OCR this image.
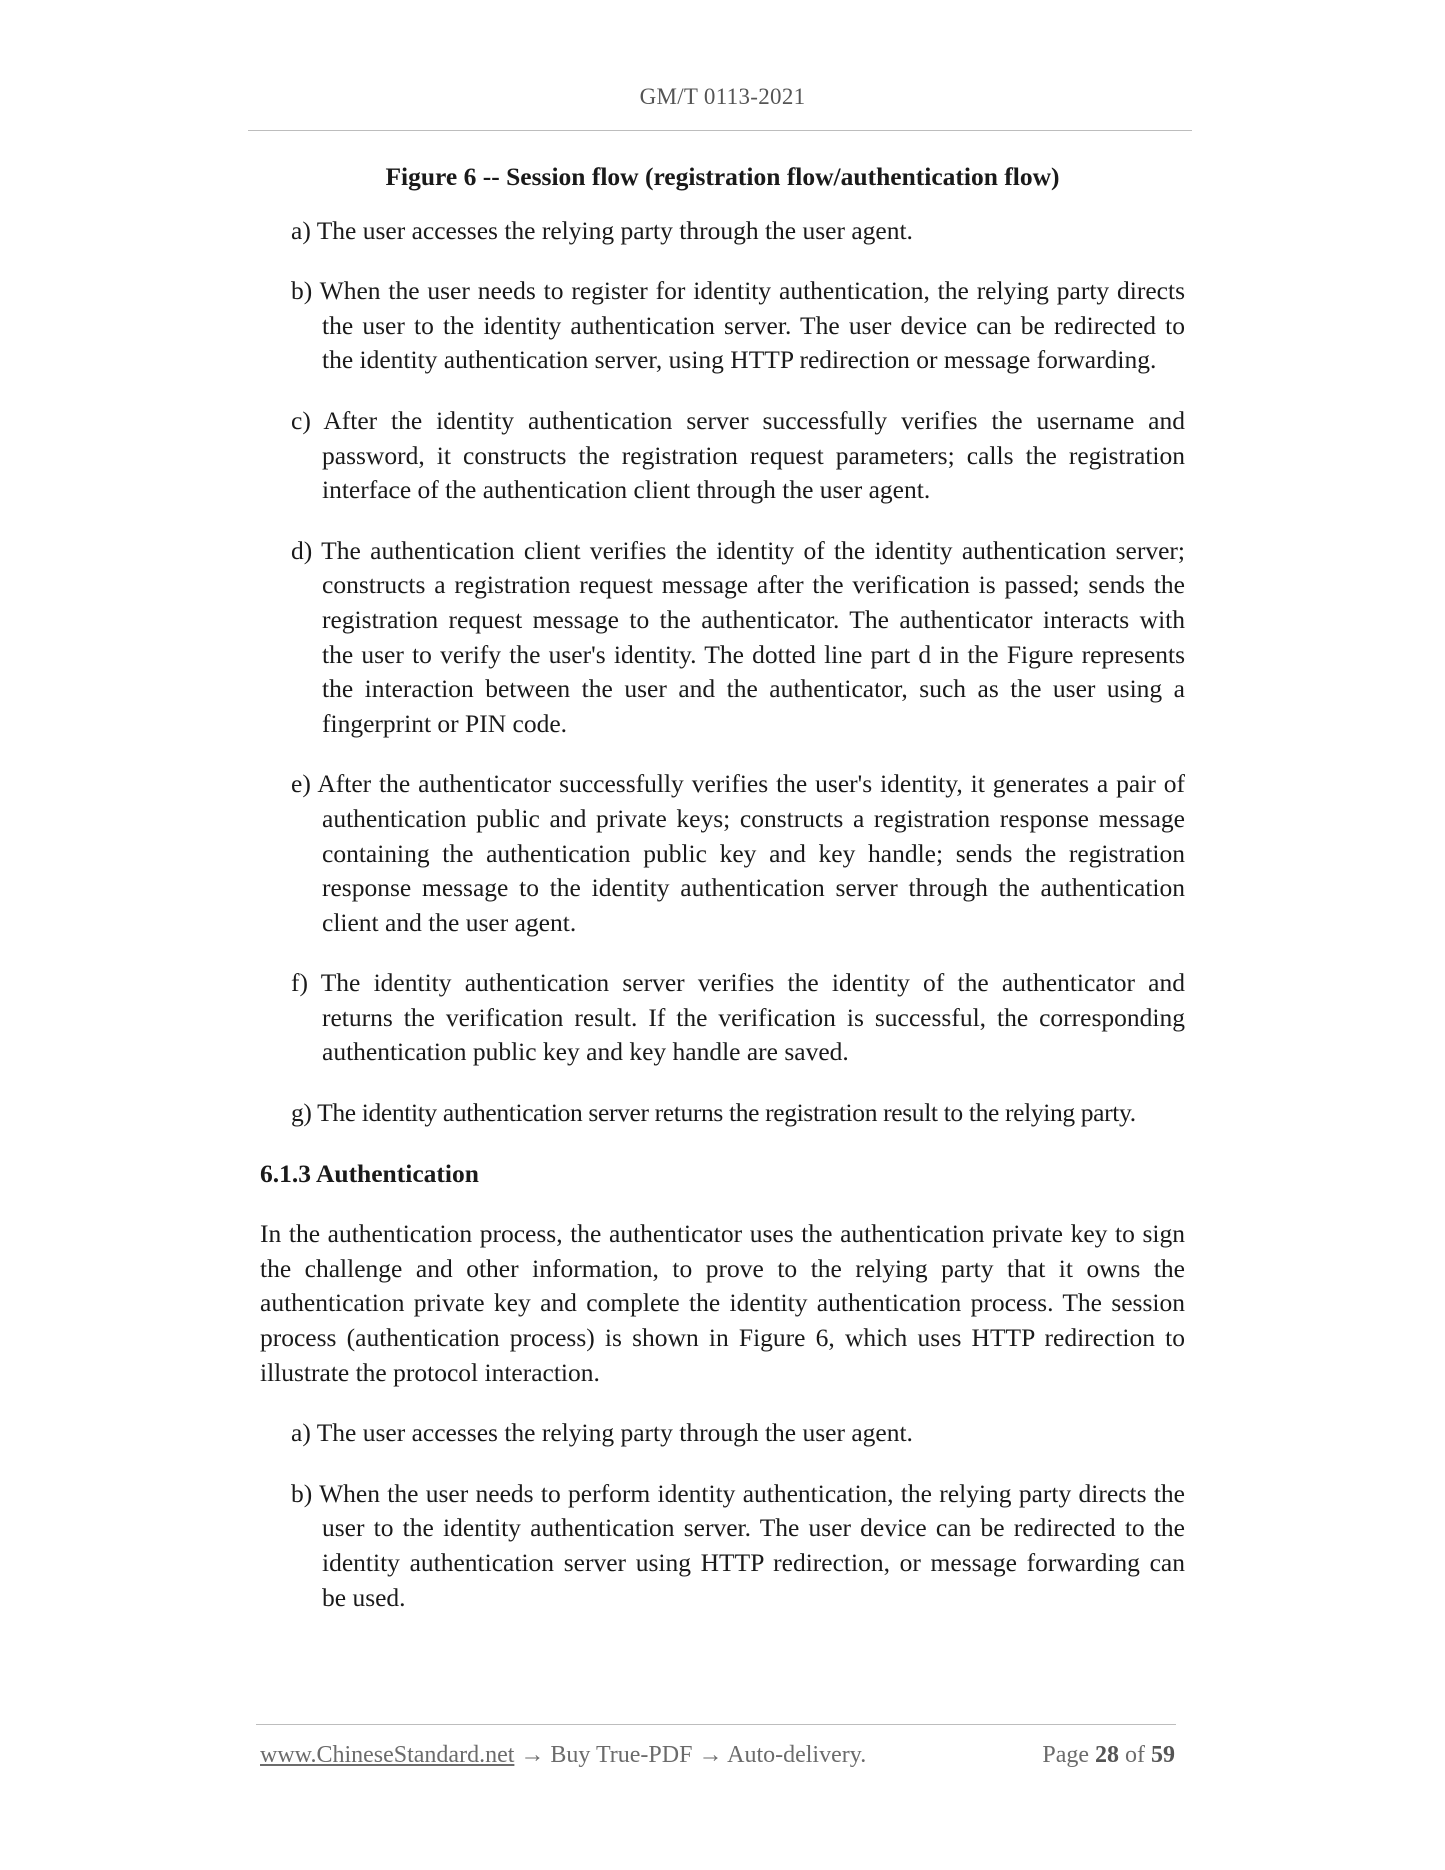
GM/T 0113-2021
Figure 6 -- Session flow (registration flow/authentication flow)
a) The user accesses the relying party through the user agent.
b) When the user needs to register for identity authentication, the relying party directs the user to the identity authentication server. The user device can be redirected to the identity authentication server, using HTTP redirection or message forwarding.
c) After the identity authentication server successfully verifies the username and password, it constructs the registration request parameters; calls the registration interface of the authentication client through the user agent.
d) The authentication client verifies the identity of the identity authentication server; constructs a registration request message after the verification is passed; sends the registration request message to the authenticator. The authenticator interacts with the user to verify the user's identity. The dotted line part d in the Figure represents the interaction between the user and the authenticator, such as the user using a fingerprint or PIN code.
e) After the authenticator successfully verifies the user's identity, it generates a pair of authentication public and private keys; constructs a registration response message containing the authentication public key and key handle; sends the registration response message to the identity authentication server through the authentication client and the user agent.
f) The identity authentication server verifies the identity of the authenticator and returns the verification result. If the verification is successful, the corresponding authentication public key and key handle are saved.
g) The identity authentication server returns the registration result to the relying party.
6.1.3 Authentication
In the authentication process, the authenticator uses the authentication private key to sign the challenge and other information, to prove to the relying party that it owns the authentication private key and complete the identity authentication process. The session process (authentication process) is shown in Figure 6, which uses HTTP redirection to illustrate the protocol interaction.
a) The user accesses the relying party through the user agent.
b) When the user needs to perform identity authentication, the relying party directs the user to the identity authentication server. The user device can be redirected to the identity authentication server using HTTP redirection, or message forwarding can be used.
www.ChineseStandard.net → Buy True-PDF → Auto-delivery.	Page 28 of 59
